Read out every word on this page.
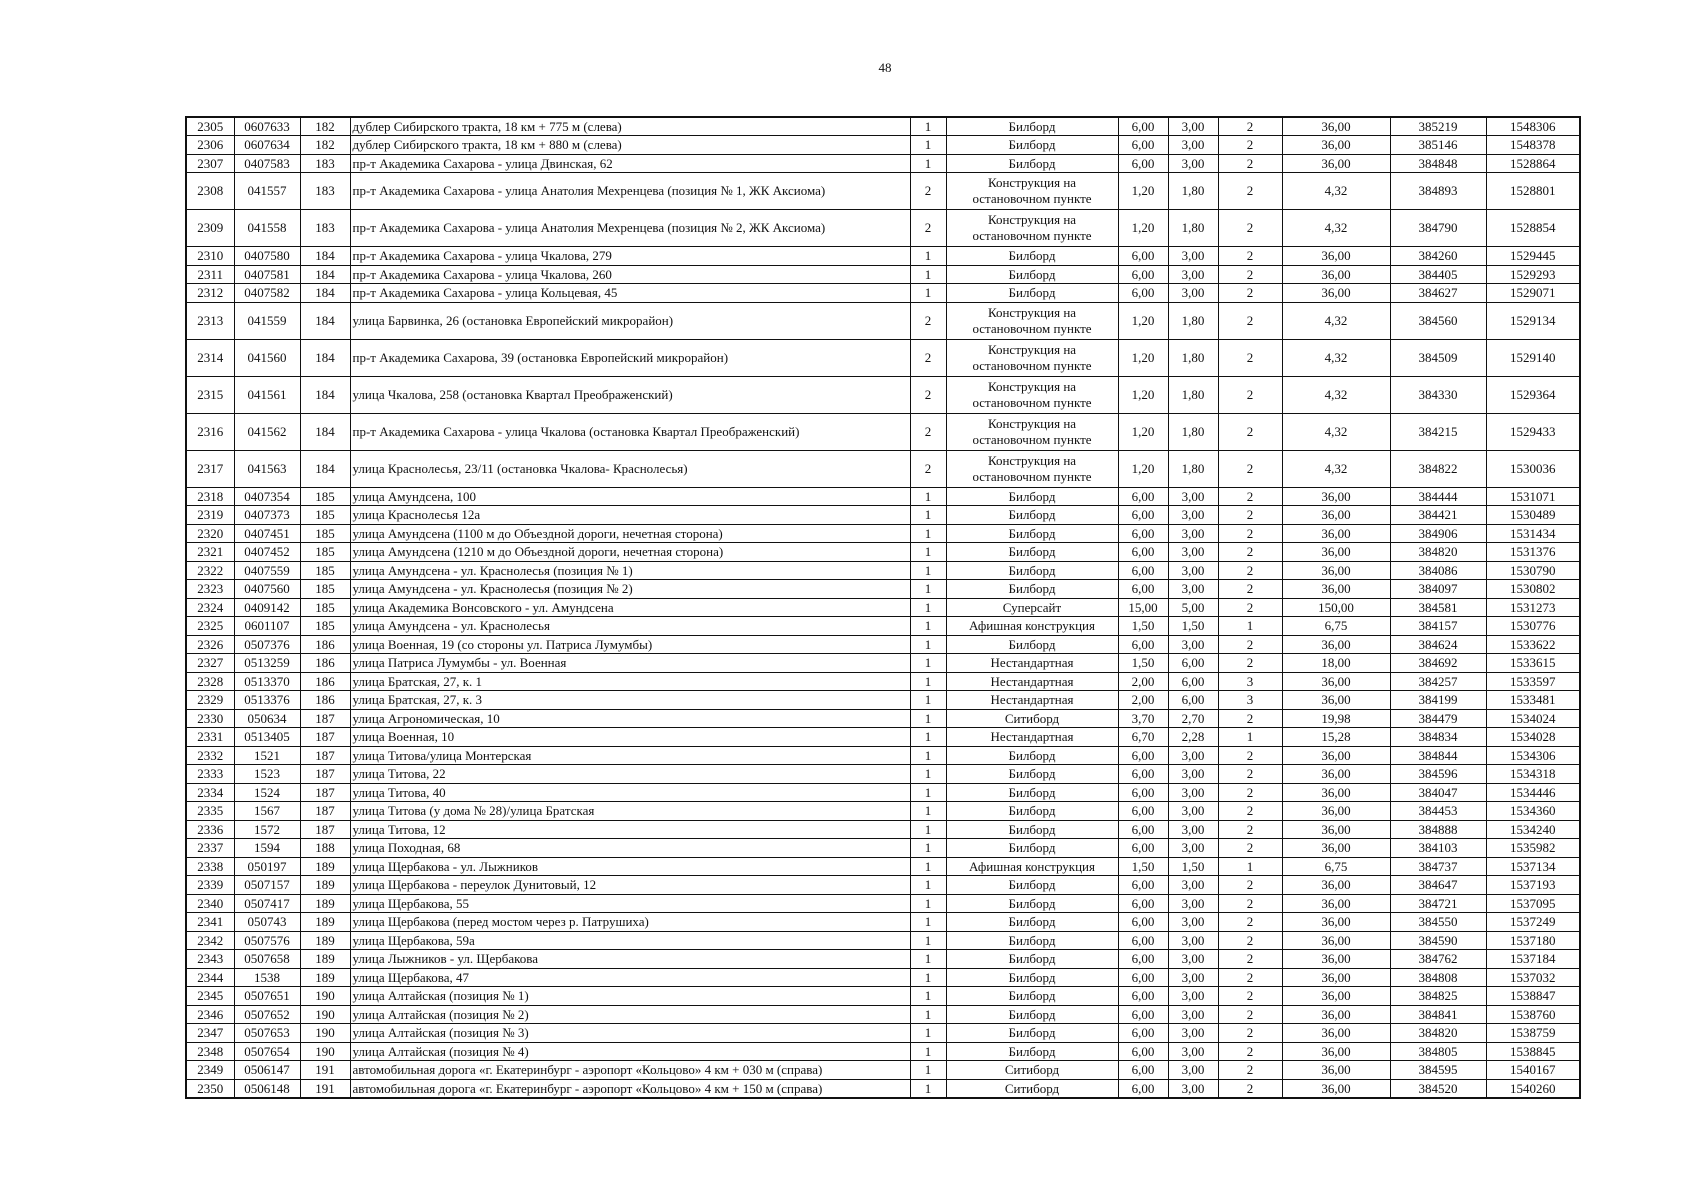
48
2305	0607633	182	дублер Сибирского тракта, 18 км + 775 м (слева)	1	Билборд	6,00	3,00	2	36,00	385219	1548306
2306	0607634	182	дублер Сибирского тракта, 18 км + 880 м (слева)	1	Билборд	6,00	3,00	2	36,00	385146	1548378
2307	0407583	183	пр-т Академика Сахарова - улица Двинская, 62	1	Билборд	6,00	3,00	2	36,00	384848	1528864
2308	041557	183	пр-т Академика Сахарова - улица Анатолия Мехренцева (позиция № 1, ЖК Аксиома)	2	Конструкция на остановочном пункте	1,20	1,80	2	4,32	384893	1528801
2309	041558	183	пр-т Академика Сахарова - улица Анатолия Мехренцева (позиция № 2, ЖК Аксиома)	2	Конструкция на остановочном пункте	1,20	1,80	2	4,32	384790	1528854
2310	0407580	184	пр-т Академика Сахарова - улица Чкалова, 279	1	Билборд	6,00	3,00	2	36,00	384260	1529445
2311	0407581	184	пр-т Академика Сахарова - улица Чкалова, 260	1	Билборд	6,00	3,00	2	36,00	384405	1529293
2312	0407582	184	пр-т Академика Сахарова - улица Кольцевая, 45	1	Билборд	6,00	3,00	2	36,00	384627	1529071
2313	041559	184	улица Барвинка, 26 (остановка Европейский микрорайон)	2	Конструкция на остановочном пункте	1,20	1,80	2	4,32	384560	1529134
2314	041560	184	пр-т Академика Сахарова, 39 (остановка Европейский микрорайон)	2	Конструкция на остановочном пункте	1,20	1,80	2	4,32	384509	1529140
2315	041561	184	улица Чкалова, 258 (остановка Квартал Преображенский)	2	Конструкция на остановочном пункте	1,20	1,80	2	4,32	384330	1529364
2316	041562	184	пр-т Академика Сахарова - улица Чкалова (остановка Квартал Преображенский)	2	Конструкция на остановочном пункте	1,20	1,80	2	4,32	384215	1529433
2317	041563	184	улица Краснолесья, 23/11 (остановка Чкалова- Краснолесья)	2	Конструкция на остановочном пункте	1,20	1,80	2	4,32	384822	1530036
2318	0407354	185	улица Амундсена, 100	1	Билборд	6,00	3,00	2	36,00	384444	1531071
2319	0407373	185	улица Краснолесья 12а	1	Билборд	6,00	3,00	2	36,00	384421	1530489
2320	0407451	185	улица Амундсена (1100 м до Объездной дороги, нечетная сторона)	1	Билборд	6,00	3,00	2	36,00	384906	1531434
2321	0407452	185	улица Амундсена (1210 м до Объездной дороги, нечетная сторона)	1	Билборд	6,00	3,00	2	36,00	384820	1531376
2322	0407559	185	улица Амундсена - ул. Краснолесья (позиция № 1)	1	Билборд	6,00	3,00	2	36,00	384086	1530790
2323	0407560	185	улица Амундсена - ул. Краснолесья (позиция № 2)	1	Билборд	6,00	3,00	2	36,00	384097	1530802
2324	0409142	185	улица Академика Вонсовского - ул. Амундсена	1	Суперсайт	15,00	5,00	2	150,00	384581	1531273
2325	0601107	185	улица Амундсена - ул. Краснолесья	1	Афишная конструкция	1,50	1,50	1	6,75	384157	1530776
2326	0507376	186	улица Военная, 19 (со стороны ул. Патриса Лумумбы)	1	Билборд	6,00	3,00	2	36,00	384624	1533622
2327	0513259	186	улица Патриса Лумумбы - ул. Военная	1	Нестандартная	1,50	6,00	2	18,00	384692	1533615
2328	0513370	186	улица Братская, 27, к. 1	1	Нестандартная	2,00	6,00	3	36,00	384257	1533597
2329	0513376	186	улица Братская, 27, к. 3	1	Нестандартная	2,00	6,00	3	36,00	384199	1533481
2330	050634	187	улица Агрономическая, 10	1	Ситиборд	3,70	2,70	2	19,98	384479	1534024
2331	0513405	187	улица Военная, 10	1	Нестандартная	6,70	2,28	1	15,28	384834	1534028
2332	1521	187	улица Титова/улица Монтерская	1	Билборд	6,00	3,00	2	36,00	384844	1534306
2333	1523	187	улица Титова, 22	1	Билборд	6,00	3,00	2	36,00	384596	1534318
2334	1524	187	улица Титова, 40	1	Билборд	6,00	3,00	2	36,00	384047	1534446
2335	1567	187	улица Титова (у дома № 28)/улица Братская	1	Билборд	6,00	3,00	2	36,00	384453	1534360
2336	1572	187	улица Титова, 12	1	Билборд	6,00	3,00	2	36,00	384888	1534240
2337	1594	188	улица Походная, 68	1	Билборд	6,00	3,00	2	36,00	384103	1535982
2338	050197	189	улица Щербакова - ул. Лыжников	1	Афишная конструкция	1,50	1,50	1	6,75	384737	1537134
2339	0507157	189	улица Щербакова - переулок Дунитовый, 12	1	Билборд	6,00	3,00	2	36,00	384647	1537193
2340	0507417	189	улица Щербакова, 55	1	Билборд	6,00	3,00	2	36,00	384721	1537095
2341	050743	189	улица Щербакова (перед мостом через р. Патрушиха)	1	Билборд	6,00	3,00	2	36,00	384550	1537249
2342	0507576	189	улица Щербакова, 59а	1	Билборд	6,00	3,00	2	36,00	384590	1537180
2343	0507658	189	улица Лыжников - ул. Щербакова	1	Билборд	6,00	3,00	2	36,00	384762	1537184
2344	1538	189	улица Щербакова, 47	1	Билборд	6,00	3,00	2	36,00	384808	1537032
2345	0507651	190	улица Алтайская (позиция № 1)	1	Билборд	6,00	3,00	2	36,00	384825	1538847
2346	0507652	190	улица Алтайская (позиция № 2)	1	Билборд	6,00	3,00	2	36,00	384841	1538760
2347	0507653	190	улица Алтайская (позиция № 3)	1	Билборд	6,00	3,00	2	36,00	384820	1538759
2348	0507654	190	улица Алтайская (позиция № 4)	1	Билборд	6,00	3,00	2	36,00	384805	1538845
2349	0506147	191	автомобильная дорога «г. Екатеринбург - аэропорт «Кольцово» 4 км + 030 м (справа)	1	Ситиборд	6,00	3,00	2	36,00	384595	1540167
2350	0506148	191	автомобильная дорога «г. Екатеринбург - аэропорт «Кольцово» 4 км + 150 м (справа)	1	Ситиборд	6,00	3,00	2	36,00	384520	1540260
